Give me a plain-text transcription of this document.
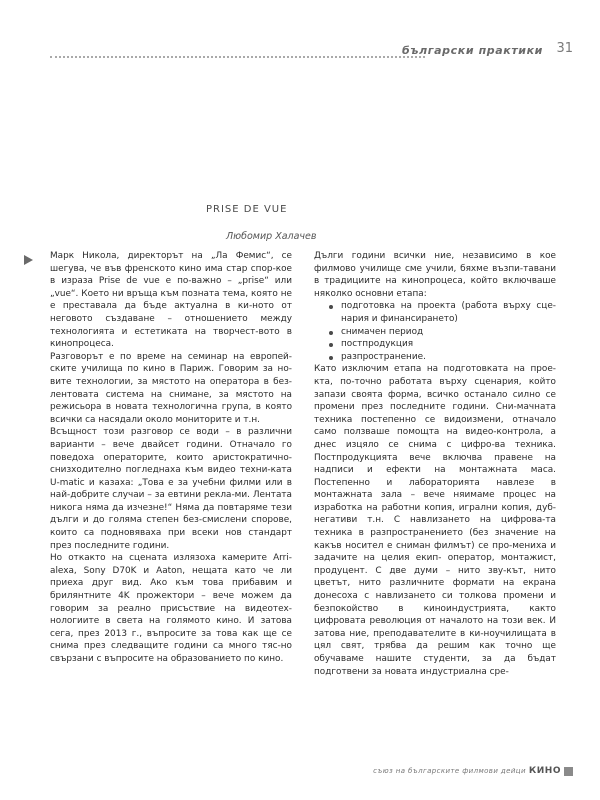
български практики 31
PRISE DE VUE
Любомир Халачев

Марк Никола, директорът на „Ла Фемис“, се шегува, че във френското кино има стар спор-кое в израза Prise de vue е по-важно – „prise“ или „vue“. Което ни връща към позната тема, която не е преставала да бъде актуална в ки-ното от неговото създаване – отношението между технологията и естетиката на творчест-вото в кинопроцеса.

Разговорът е по време на семинар на европей-ските училища по кино в Париж. Говорим за но-вите технологии, за мястото на оператора в без-лентовата система на снимане, за мястото на режисьора в новата технологична група, в която всички са насядали около мониторите и т.н.

Всъщност този разговор се води – в различни варианти – вече двайсет години. Отначало го поведоха операторите, които аристократично-снизходително погледнаха към видео техни-ката U-matic и казаха: „Това е за учебни филми или в най-добрите случаи – за евтини рекла-ми. Лентата никога няма да изчезне!“ Няма да повтаряме тези дълги и до голяма степен без-смислени спорове, които са подновяваха при всеки нов стандарт през последните години.

Но откакто на сцената излязоха камерите Arri-alexa, Sony D70K и Aaton, нещата като че ли приеха друг вид. Ако към това прибавим и брилянтните 4K прожектори – вече можем да говорим за реално присъствие на видеотех-нологиите в света на голямото кино. И затова сега, през 2013 г., въпросите за това как ще се снима през следващите години са много тяс-но свързани с въпросите на образованието по кино.

Дълги години всички ние, независимо в кое филмово училище сме учили, бяхме възпи-тавани в традициите на кинопроцеса, който включваше няколко основни етапа:

подготовка на проекта (работа върху сце-нария и финансирането)
снимачен период
постпродукция
разпространение.

Като изключим етапа на подготовката на прое-кта, по-точно работата върху сценария, който запази своята форма, всичко останало силно се промени през последните години. Сни-мачната техника постепенно се видоизмени, отначало само ползваше помощта на видео-контрола, а днес изцяло се снима с цифро-ва техника. Постпродукцията вече включва правене на надписи и ефекти на монтажната маса. Постепенно и лабораторията навлезе в монтажната зала – вече няимаме процес на изработка на работни копия, игрални копия, дуб-негативи т.н. С навлизането на цифрова-та техника в разпространението (без значение на какъв носител е сниман филмът) се про-мениха и задачите на целия екип- оператор, монтажист, продуцент. С две думи – нито зву-кът, нито цветът, нито различните формати на екрана донесоха с навлизането си толкова промени и безпокойство в киноиндустрията, както цифровата революция от началото на този век. И затова ние, преподавателите в ки-ноучилищата в цял свят, трябва да решим как точно ще обучаваме нашите студенти, за да бъдат подготвени за новата индустриална сре-

съюз на българските филмови дейци КИНО
